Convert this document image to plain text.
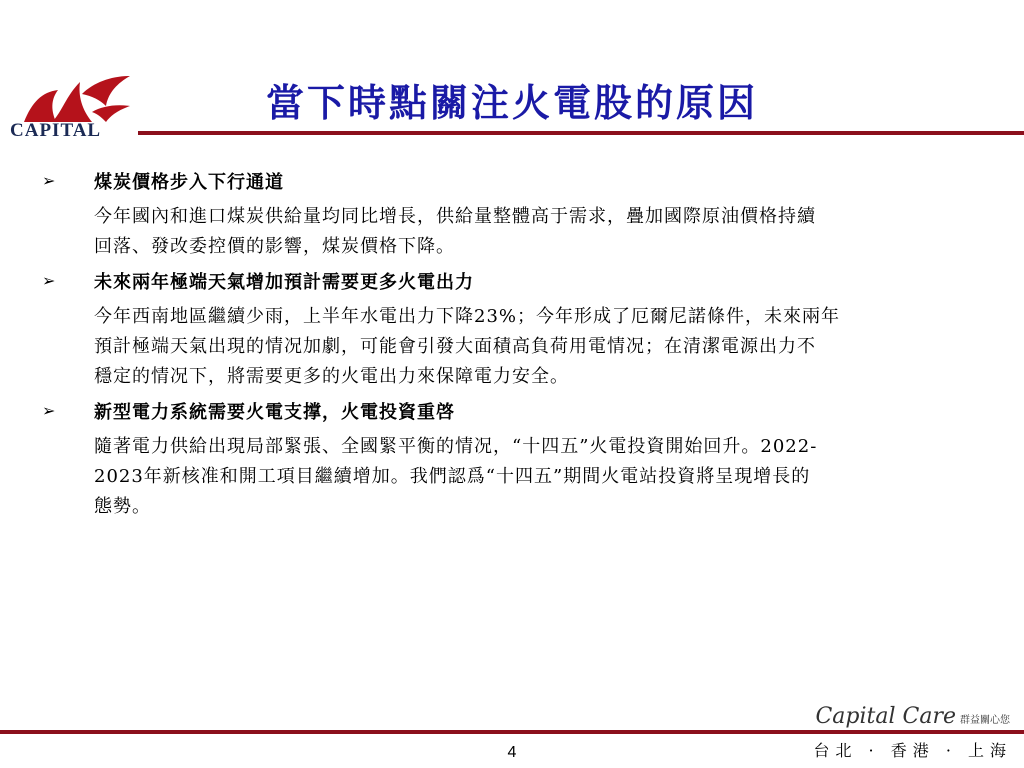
CAPITAL
當下時點關注火電股的原因
➢	煤炭價格步入下行通道
今年國內和進口煤炭供給量均同比增長，供給量整體高于需求，疊加國際原油價格持續
回落、發改委控價的影響，煤炭價格下降。
➢	未來兩年極端天氣增加預計需要更多火電出力
今年西南地區繼續少雨，上半年水電出力下降23%；今年形成了厄爾尼諾條件，未來兩年
預計極端天氣出現的情况加劇，可能會引發大面積高負荷用電情况；在清潔電源出力不
穩定的情况下，將需要更多的火電出力來保障電力安全。
➢	新型電力系統需要火電支撑，火電投資重啓
隨著電力供給出現局部緊張、全國緊平衡的情况，“十四五”火電投資開始回升。2022-
2023年新核准和開工項目繼續增加。我們認爲“十四五”期間火電站投資將呈現增長的
態勢。
Capital Care 群益關心您
4	台北 · 香港 · 上海
